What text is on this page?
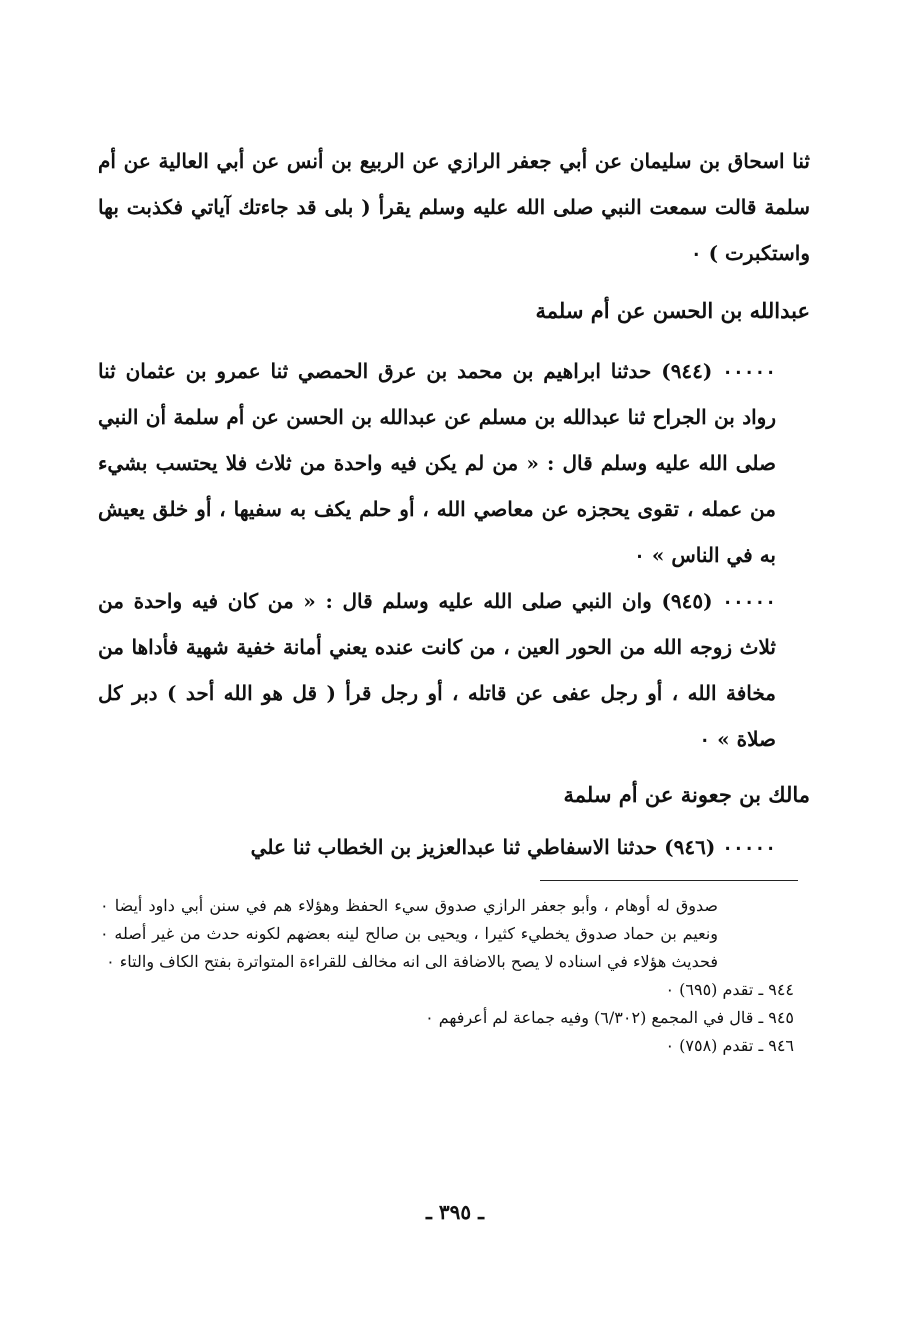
ثنا اسحاق بن سليمان عن أبي جعفر الرازي عن الربيع بن أنس عن أبي العالية عن أم سلمة قالت سمعت النبي صلى الله عليه وسلم يقرأ ( بلى قد جاءتك آياتي فكذبت بها واستكبرت ) ٠

عبدالله بن الحسن عن أم سلمة

٠٠٠٠٠ (٩٤٤) حدثنا ابراهيم بن محمد بن عرق الحمصي ثنا عمرو بن عثمان ثنا رواد بن الجراح ثنا عبدالله بن مسلم عن عبدالله بن الحسن عن أم سلمة أن النبي صلى الله عليه وسلم قال : « من لم يكن فيه واحدة من ثلاث فلا يحتسب بشيء من عمله ، تقوى يحجزه عن معاصي الله ، أو حلم يكف به سفيها ، أو خلق يعيش به في الناس » ٠

٠٠٠٠٠ (٩٤٥) وان النبي صلى الله عليه وسلم قال : « من كان فيه واحدة من ثلاث زوجه الله من الحور العين ، من كانت عنده يعني أمانة خفية شهية فأداها من مخافة الله ، أو رجل عفى عن قاتله ، أو رجل قرأ ( قل هو الله أحد ) دبر كل صلاة » ٠

مالك بن جعونة عن أم سلمة

٠٠٠٠٠ (٩٤٦) حدثنا الاسفاطي ثنا عبدالعزيز بن الخطاب ثنا علي

صدوق له أوهام ، وأبو جعفر الرازي صدوق سيء الحفظ وهؤلاء هم في سنن أبي داود أيضا ٠ ونعيم بن حماد صدوق يخطيء كثيرا ، ويحيى بن صالح لينه بعضهم لكونه حدث من غير أصله ٠ فحديث هؤلاء في اسناده لا يصح بالاضافة الى انه مخالف للقراءة المتواترة بفتح الكاف والتاء ٠

٩٤٤ ـ تقدم (٦٩٥) ٠

٩٤٥ ـ قال في المجمع (٦/٣٠٢) وفيه جماعة لم أعرفهم ٠

٩٤٦ ـ تقدم (٧٥٨) ٠

ـ ٣٩٥ ـ
